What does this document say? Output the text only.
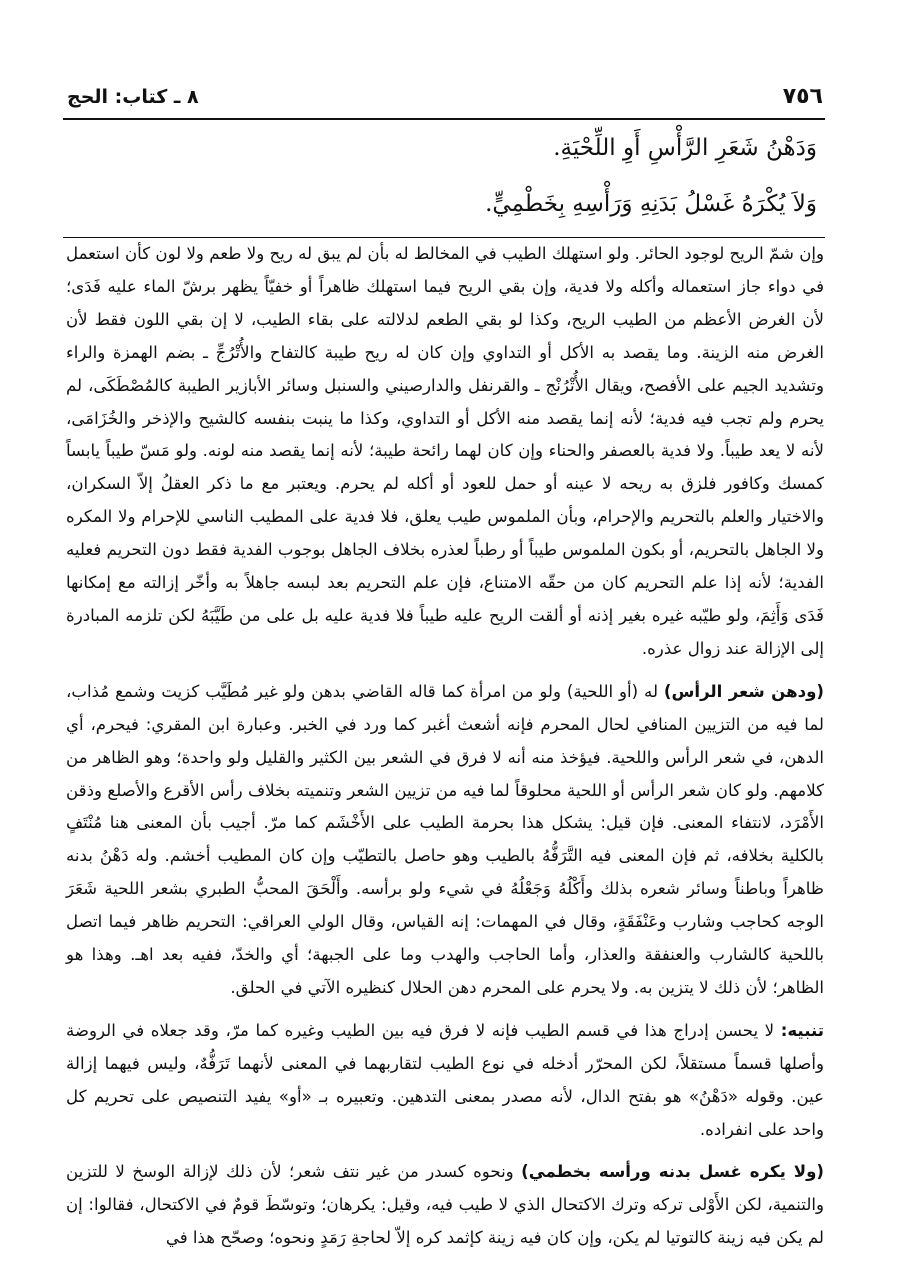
٧٥٦
٨ ـ كتاب: الحج
وَدَهْنُ شَعَرِ الرَّأْسِ أَوِ اللِّحْيَةِ.
وَلاَ يُكْرَهُ غَسْلُ بَدَنِهِ وَرَأْسِهِ بِخَطْمِيٍّ.

وإن شمّ الريح لوجود الحائر. ولو استهلك الطيب في المخالط له بأن لم يبق له ريح ولا طعم ولا لون كأن استعمل في دواء جاز استعماله وأكله ولا فدية، وإن بقي الريح فيما استهلك ظاهراً أو خفيّاً يظهر برشّ الماء عليه فَدَى؛ لأن الغرض الأعظم من الطيب الريح، وكذا لو بقي الطعم لدلالته على بقاء الطيب، لا إن بقي اللون فقط لأن الغرض منه الزينة. وما يقصد به الأكل أو التداوي وإن كان له ريح طيبة كالتفاح والأُتْرُجِّ ـ بضم الهمزة والراء وتشديد الجيم على الأفصح، ويقال الأُتْرُنْج ـ والقرنفل والدارصيني والسنبل وسائر الأبازير الطيبة كالمُصْطَكَى، لم يحرم ولم تجب فيه فدية؛ لأنه إنما يقصد منه الأكل أو التداوي، وكذا ما ينبت بنفسه كالشيح والإذخر والخُزَامَى، لأنه لا يعد طيباً. ولا فدية بالعصفر والحناء وإن كان لهما رائحة طيبة؛ لأنه إنما يقصد منه لونه. ولو مَسّ طيباً يابساً كمسك وكافور فلزق به ريحه لا عينه أو حمل للعود أو أكله لم يحرم. ويعتبر مع ما ذكر العقلُ إلاّ السكران، والاختيار والعلم بالتحريم والإحرام، وبأن الملموس طيب يعلق، فلا فدية على المطيب الناسي للإحرام ولا المكره ولا الجاهل بالتحريم، أو بكون الملموس طيباً أو رطباً لعذره بخلاف الجاهل بوجوب الفدية فقط دون التحريم فعليه الفدية؛ لأنه إذا علم التحريم كان من حقّه الامتناع، فإن علم التحريم بعد لبسه جاهلاً به وأخّر إزالته مع إمكانها فَدَى وَأَثِمَ، ولو طيّبه غيره بغير إذنه أو ألقت الريح عليه طيباً فلا فدية عليه بل على من طَيَّبَهُ لكن تلزمه المبادرة إلى الإزالة عند زوال عذره.

(ودهن شعر الرأس) له (أو اللحية) ولو من امرأة كما قاله القاضي بدهن ولو غير مُطَيَّب كزيت وشمع مُذاب، لما فيه من التزيين المنافي لحال المحرم فإنه أشعث أغبر كما ورد في الخبر. وعبارة ابن المقري: فيحرم، أي الدهن، في شعر الرأس واللحية. فيؤخذ منه أنه لا فرق في الشعر بين الكثير والقليل ولو واحدة؛ وهو الظاهر من كلامهم. ولو كان شعر الرأس أو اللحية محلوقاً لما فيه من تزيين الشعر وتنميته بخلاف رأس الأقرع والأصلع وذقن الأَمْرَد، لانتفاء المعنى. فإن قيل: يشكل هذا بحرمة الطيب على الأَخْشَم كما مرّ. أجيب بأن المعنى هنا مُنْتَفٍ بالكلية بخلافه، ثم فإن المعنى فيه التَّرَفُّهُ بالطيب وهو حاصل بالتطيّب وإن كان المطيب أخشم. وله دَهْنُ بدنه ظاهراً وباطناً وسائر شعره بذلك وأَكْلُهُ وَجَعْلُهُ في شيء ولو برأسه. وأَلْحَقَ المحبُّ الطبري بشعر اللحية شَعَرَ الوجه كحاجب وشارب وعَنْفَقَةٍ، وقال في المهمات: إنه القياس، وقال الولي العراقي: التحريم ظاهر فيما اتصل باللحية كالشارب والعنفقة والعذار، وأما الحاجب والهدب وما على الجبهة؛ أي والخدّ، ففيه بعد اهـ. وهذا هو الظاهر؛ لأن ذلك لا يتزين به. ولا يحرم على المحرم دهن الحلال كنظيره الآتي في الحلق.

تنبيه: لا يحسن إدراج هذا في قسم الطيب فإنه لا فرق فيه بين الطيب وغيره كما مرّ، وقد جعلاه في الروضة وأصلها قسماً مستقلاً، لكن المحرّر أدخله في نوع الطيب لتقاربهما في المعنى لأنهما تَرَفُّهٌ، وليس فيهما إزالة عين. وقوله «دَهْنُ» هو بفتح الدال، لأنه مصدر بمعنى التدهين. وتعبيره بـ «أو» يفيد التنصيص على تحريم كل واحد على انفراده.

(ولا يكره غسل بدنه ورأسه بخطمي) ونحوه كسدر من غير نتف شعر؛ لأن ذلك لإزالة الوسخ لا للتزين والتنمية، لكن الأَوْلى تركه وترك الاكتحال الذي لا طيب فيه، وقيل: يكرهان؛ وتوسّطَ قومٌ في الاكتحال، فقالوا: إن لم يكن فيه زينة كالتوتيا لم يكن، وإن كان فيه زينة كإثمد كره إلاّ لحاجةِ رَمَدٍ ونحوه؛ وصحّح هذا في
